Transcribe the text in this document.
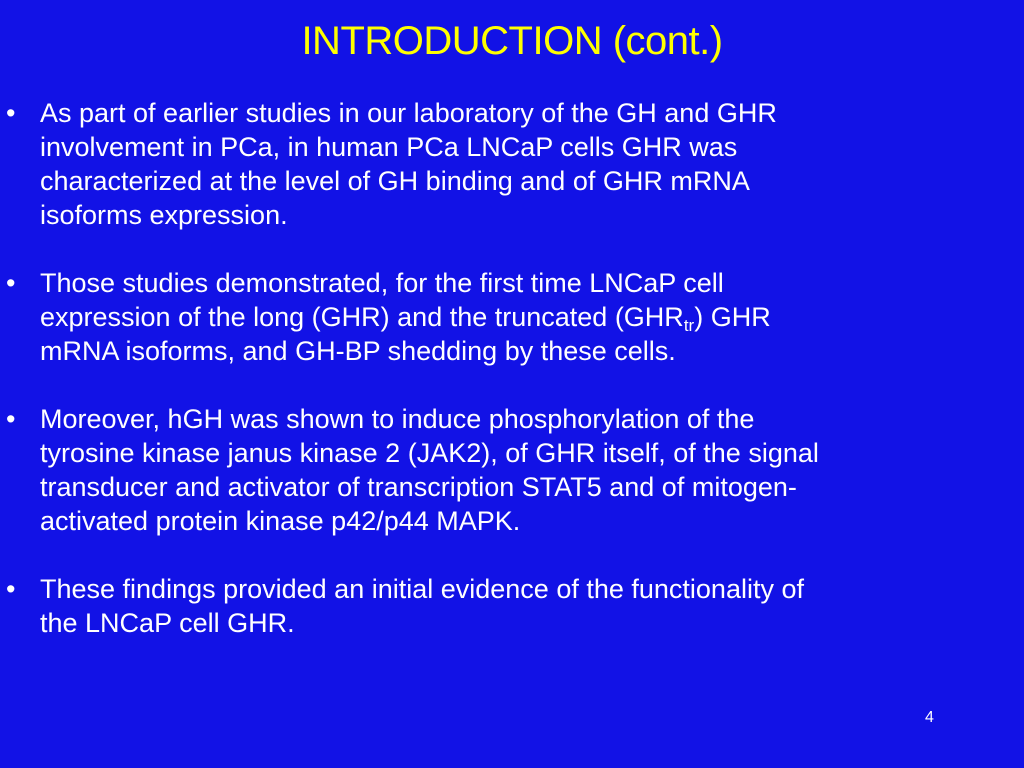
INTRODUCTION (cont.)
• As part of earlier studies in our laboratory of the GH and GHR
involvement in PCa, in human PCa LNCaP cells GHR was
characterized at the level of GH binding and of GHR mRNA
isoforms expression.
• Those studies demonstrated, for the first time LNCaP cell
expression of the long (GHR) and the truncated $(GHR_{tr})$ GHR
mRNA isoforms, and GH-BP shedding by these cells.
• Moreover, hGH was shown to induce phosphorylation of the
tyrosine kinase janus kinase 2 (JAK2), of GHR itself, of the signal
transducer and activator of transcription STAT5 and of mitogen-
activated protein kinase p42/p44 MAPK.
• These findings provided an initial evidence of the functionality of
the LNCaP cell GHR.
4
